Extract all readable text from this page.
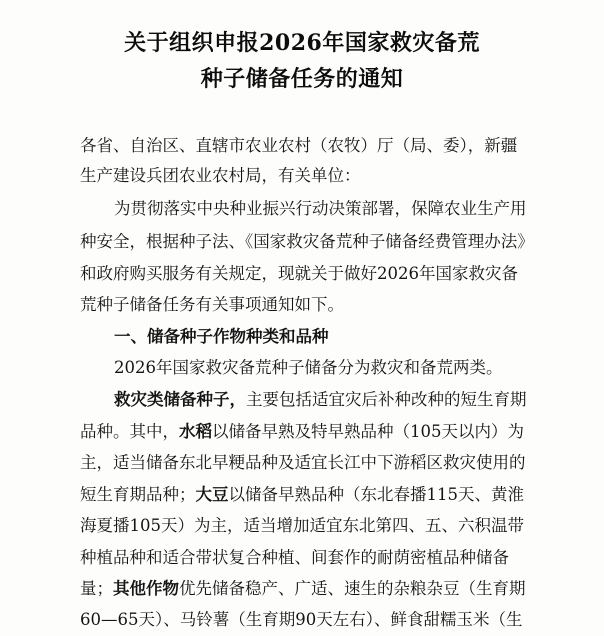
关于组织申报2026年国家救灾备荒
种子储备任务的通知
各省、自治区、直辖市农业农村（农牧）厅（局、委），新疆
生产建设兵团农业农村局，有关单位：
为贯彻落实中央种业振兴行动决策部署，保障农业生产用
种安全，根据种子法、《国家救灾备荒种子储备经费管理办法》
和政府购买服务有关规定，现就关于做好2026年国家救灾备
荒种子储备任务有关事项通知如下。
一、储备种子作物种类和品种
2026年国家救灾备荒种子储备分为救灾和备荒两类。
救灾类储备种子，主要包括适宜灾后补种改种的短生育期
品种。其中，水稻以储备早熟及特早熟品种（105天以内）为
主，适当储备东北早粳品种及适宜长江中下游稻区救灾使用的
短生育期品种；大豆以储备早熟品种（东北春播115天、黄淮
海夏播105天）为主，适当增加适宜东北第四、五、六积温带
种植品种和适合带状复合种植、间套作的耐荫密植品种储备
量；其他作物优先储备稳产、广适、速生的杂粮杂豆（生育期
60—65天）、马铃薯（生育期90天左右）、鲜食甜糯玉米（生
